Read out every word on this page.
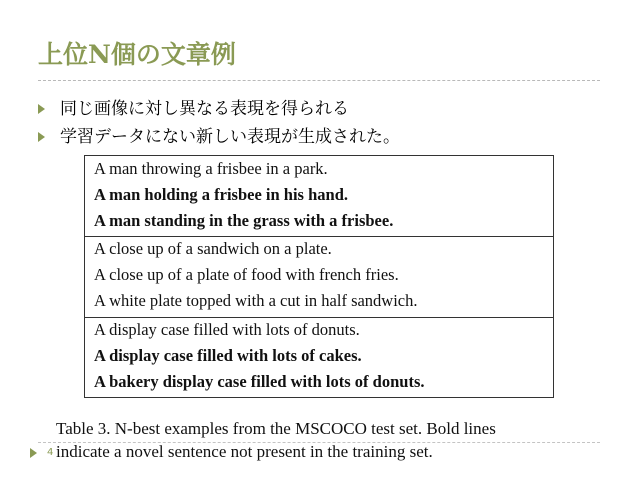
上位N個の文章例
同じ画像に対し異なる表現を得られる
学習データにない新しい表現が生成された。
A man throwing a frisbee in a park.
A man holding a frisbee in his hand.
A man standing in the grass with a frisbee.
A close up of a sandwich on a plate.
A close up of a plate of food with french fries.
A white plate topped with a cut in half sandwich.
A display case filled with lots of donuts.
A display case filled with lots of cakes.
A bakery display case filled with lots of donuts.
Table 3. N-best examples from the MSCOCO test set. Bold lines
indicate a novel sentence not present in the training set.
4
